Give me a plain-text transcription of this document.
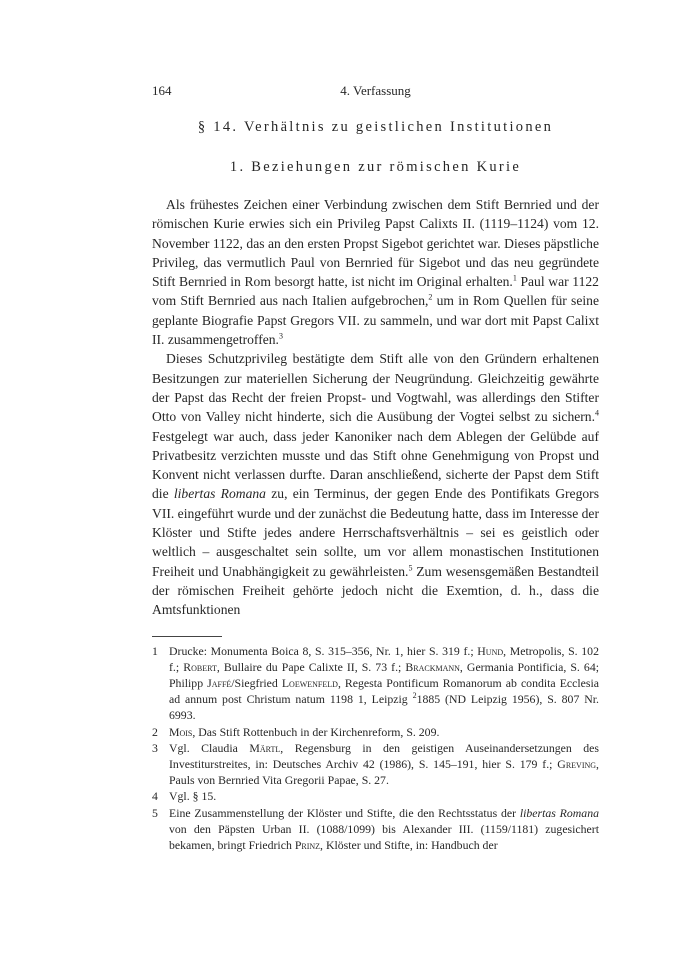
164	4. Verfassung
§ 14. Verhältnis zu geistlichen Institutionen
1. Beziehungen zur römischen Kurie

Als frühestes Zeichen einer Verbindung zwischen dem Stift Bernried und der römischen Kurie erwies sich ein Privileg Papst Calixts II. (1119–1124) vom 12. November 1122, das an den ersten Propst Sigebot gerichtet war. Dieses päpstliche Privileg, das vermutlich Paul von Bernried für Sigebot und das neu gegründete Stift Bernried in Rom besorgt hatte, ist nicht im Original erhalten.$^1$ Paul war 1122 vom Stift Bernried aus nach Italien aufgebrochen,$^2$ um in Rom Quellen für seine geplante Biografie Papst Gregors VII. zu sammeln, und war dort mit Papst Calixt II. zusammengetroffen.$^3$

Dieses Schutzprivileg bestätigte dem Stift alle von den Gründern erhaltenen Besitzungen zur materiellen Sicherung der Neugründung. Gleichzeitig gewährte der Papst das Recht der freien Propst- und Vogtwahl, was allerdings den Stifter Otto von Valley nicht hinderte, sich die Ausübung der Vogtei selbst zu sichern.$^4$ Festgelegt war auch, dass jeder Kanoniker nach dem Ablegen der Gelübde auf Privatbesitz verzichten musste und das Stift ohne Genehmigung von Propst und Konvent nicht verlassen durfte. Daran anschließend, sicherte der Papst dem Stift die libertas Romana zu, ein Terminus, der gegen Ende des Pontifikats Gregors VII. eingeführt wurde und der zunächst die Bedeutung hatte, dass im Interesse der Klöster und Stifte jedes andere Herrschaftsverhältnis – sei es geistlich oder weltlich – ausgeschaltet sein sollte, um vor allem monastischen Institutionen Freiheit und Unabhängigkeit zu gewährleisten.$^5$ Zum wesensgemäßen Bestandteil der römischen Freiheit gehörte jedoch nicht die Exemtion, d. h., dass die Amtsfunktionen

1 Drucke: Monumenta Boica 8, S. 315–356, Nr. 1, hier S. 319 f.; Hund, Metropolis, S. 102 f.; Robert, Bullaire du Pape Calixte II, S. 73 f.; Brackmann, Germania Pontificia, S. 64; Philipp Jaffé/Siegfried Loewenfeld, Regesta Pontificum Romanorum ab condita Ecclesia ad annum post Christum natum 1198 1, Leipzig $^2$1885 (ND Leipzig 1956), S. 807 Nr. 6993.
2 Mois, Das Stift Rottenbuch in der Kirchenreform, S. 209.
3 Vgl. Claudia Märtl, Regensburg in den geistigen Auseinandersetzungen des Investiturstreites, in: Deutsches Archiv 42 (1986), S. 145–191, hier S. 179 f.; Greving, Pauls von Bernried Vita Gregorii Papae, S. 27.
4 Vgl. § 15.
5 Eine Zusammenstellung der Klöster und Stifte, die den Rechtsstatus der libertas Romana von den Päpsten Urban II. (1088/1099) bis Alexander III. (1159/1181) zugesichert bekamen, bringt Friedrich Prinz, Klöster und Stifte, in: Handbuch der
